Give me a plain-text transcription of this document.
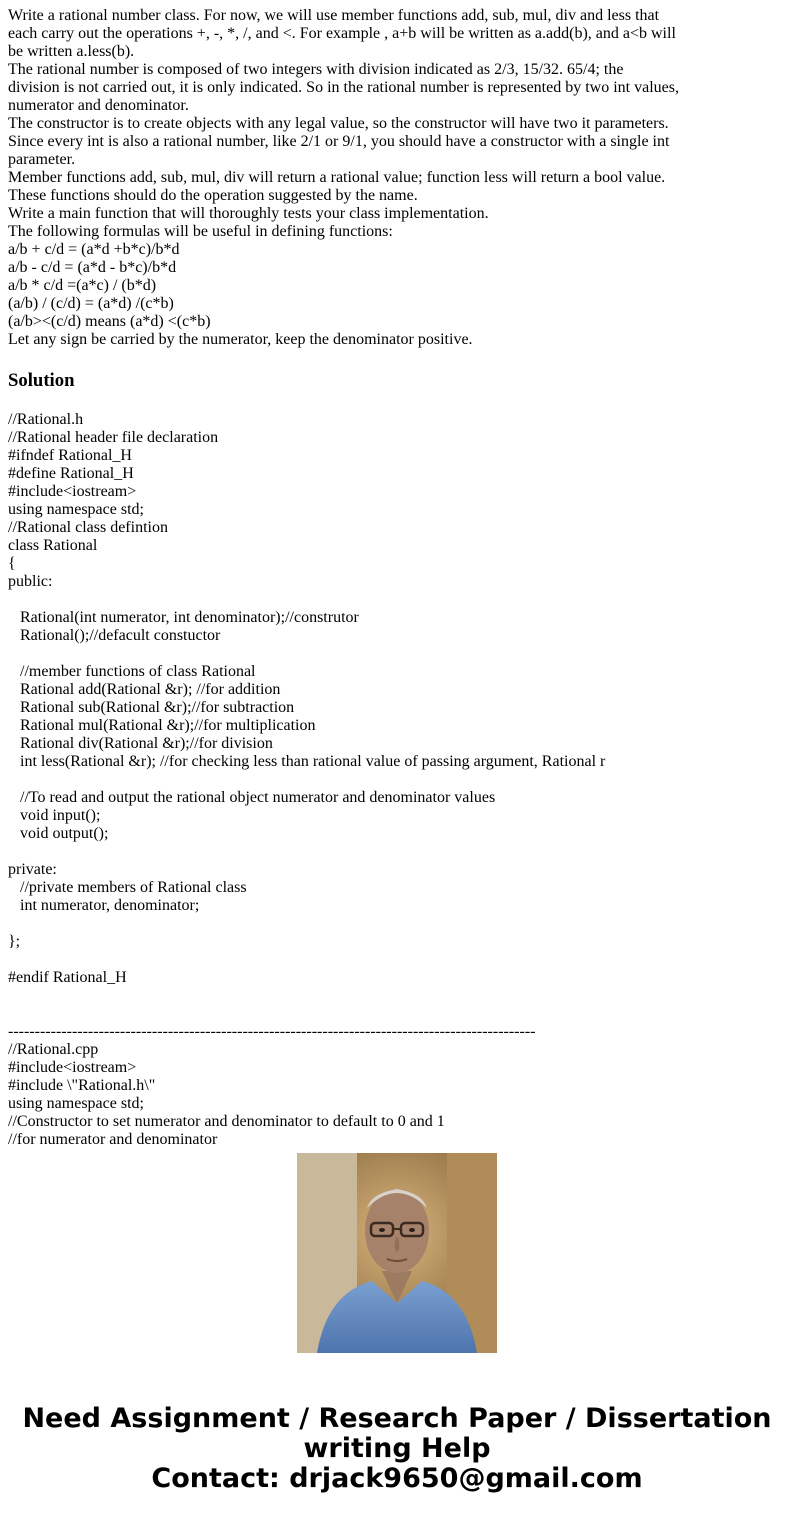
Write a rational number class. For now, we will use member functions add, sub, mul, div and less that
each carry out the operations +, -, *, /, and <. For example , a+b will be written as a.add(b), and a<b will
be written a.less(b).
The rational number is composed of two integers with division indicated as 2/3, 15/32. 65/4; the
division is not carried out, it is only indicated. So in the rational number is represented by two int values,
numerator and denominator.
The constructor is to create objects with any legal value, so the constructor will have two it parameters.
Since every int is also a rational number, like 2/1 or 9/1, you should have a constructor with a single int
parameter.
Member functions add, sub, mul, div will return a rational value; function less will return a bool value.
These functions should do the operation suggested by the name.
Write a main function that will thoroughly tests your class implementation.
The following formulas will be useful in defining functions:
a/b + c/d = (a*d +b*c)/b*d
a/b - c/d = (a*d - b*c)/b*d
a/b * c/d =(a*c) / (b*d)
(a/b) / (c/d) = (a*d) /(c*b)
(a/b><(c/d) means (a*d) <(c*b)
Let any sign be carried by the numerator, keep the denominator positive.
Solution
//Rational.h
//Rational header file declaration
#ifndef Rational_H
#define Rational_H
#include<iostream>
using namespace std;
//Rational class defintion
class Rational
{
public:
Rational(int numerator, int denominator);//construtor
Rational();//defacult constuctor
//member functions of class Rational
Rational add(Rational &r); //for addition
Rational sub(Rational &r);//for subtraction
Rational mul(Rational &r);//for multiplication
Rational div(Rational &r);//for division
int less(Rational &r); //for checking less than rational value of passing argument, Rational r
//To read and output the rational object numerator and denominator values
void input();
void output();
private:
//private members of Rational class
int numerator, denominator;
};
#endif Rational_H
---------------------------------------------------------------------------------------------------
//Rational.cpp
#include<iostream>
#include \"Rational.h\"
using namespace std;
//Constructor to set numerator and denominator to default to 0 and 1
//for numerator and denominator
Need Assignment / Research Paper / Dissertation
writing Help
Contact: drjack9650@gmail.com
